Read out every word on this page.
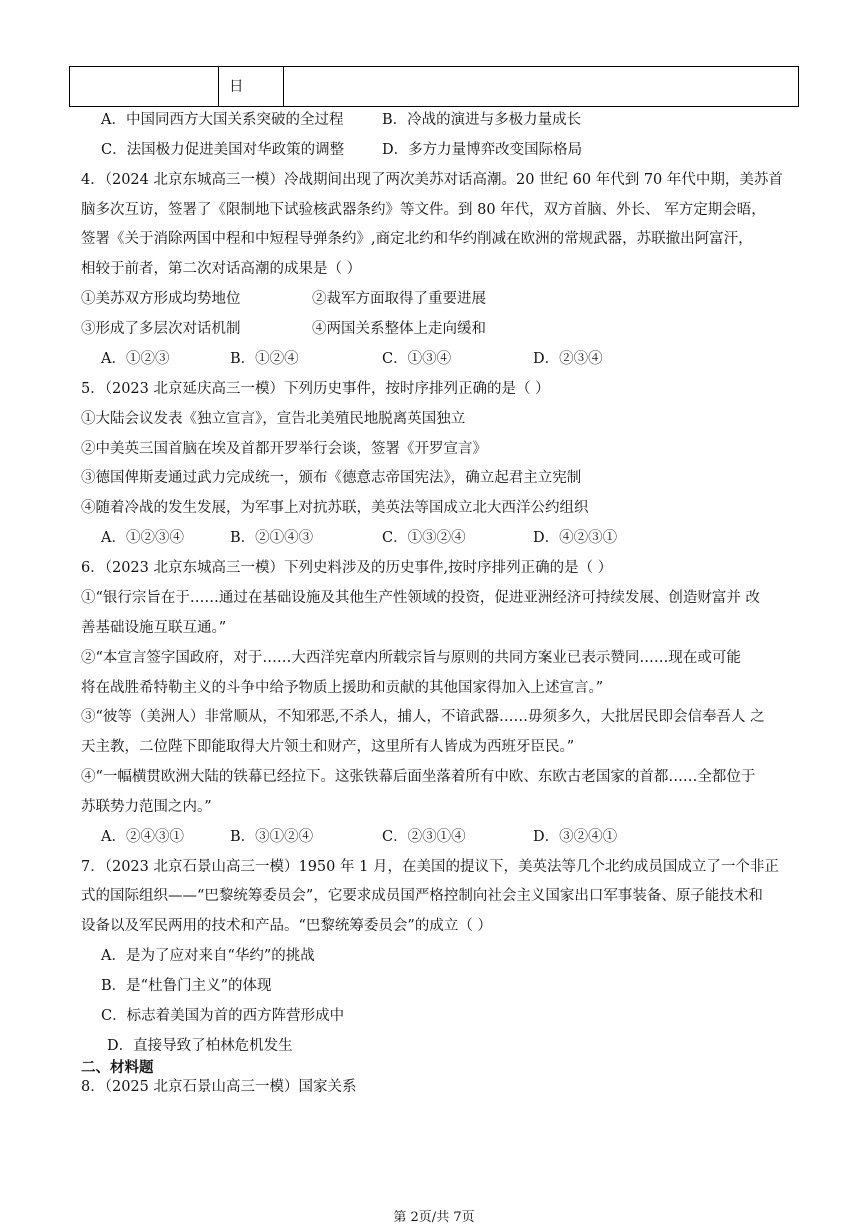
日
A．中国同西方大国关系突破的全过程	B．冷战的演进与多极力量成长
C．法国极力促进美国对华政策的调整	D．多方力量博弈改变国际格局
4．（2024 北京东城高三一模）冷战期间出现了两次美苏对话高潮。20 世纪 60 年代到 70 年代中期，美苏首
脑多次互访，签署了《限制地下试验核武器条约》等文件。到 80 年代，双方首脑、外长、 军方定期会晤，
签署《关于消除两国中程和中短程导弹条约》,商定北约和华约削减在欧洲的常规武器，苏联撤出阿富汗，
相较于前者，第二次对话高潮的成果是（ ）
①美苏双方形成均势地位	②裁军方面取得了重要进展
③形成了多层次对话机制	④两国关系整体上走向缓和
A．①②③	B．①②④	C．①③④	D．②③④
5．（2023 北京延庆高三一模）下列历史事件，按时序排列正确的是（ ）
①大陆会议发表《独立宣言》，宣告北美殖民地脱离英国独立
②中美英三国首脑在埃及首都开罗举行会谈，签署《开罗宣言》
③德国俾斯麦通过武力完成统一，颁布《德意志帝国宪法》，确立起君主立宪制
④随着冷战的发生发展，为军事上对抗苏联，美英法等国成立北大西洋公约组织
A．①②③④	B．②①④③	C．①③②④	D．④②③①
6．（2023 北京东城高三一模）下列史料涉及的历史事件,按时序排列正确的是（ ）
①“银行宗旨在于……通过在基础设施及其他生产性领域的投资，促进亚洲经济可持续发展、创造财富并 改
善基础设施互联互通。”
②“本宣言签字国政府，对于……大西洋宪章内所载宗旨与原则的共同方案业已表示赞同……现在或可能
将在战胜希特勒主义的斗争中给予物质上援助和贡献的其他国家得加入上述宣言。”
③“彼等（美洲人）非常顺从，不知邪恶,不杀人，捕人，不谙武器……毋须多久，大批居民即会信奉吾人 之
天主教，二位陛下即能取得大片领土和财产，这里所有人皆成为西班牙臣民。”
④“一幅横贯欧洲大陆的铁幕已经拉下。这张铁幕后面坐落着所有中欧、东欧古老国家的首都……全都位于
苏联势力范围之内。”
A．②④③①	B．③①②④	C．②③①④	D．③②④①
7．（2023 北京石景山高三一模）1950 年 1 月，在美国的提议下，美英法等几个北约成员国成立了一个非正
式的国际组织——“巴黎统筹委员会”，它要求成员国严格控制向社会主义国家出口军事装备、原子能技术和
设备以及军民两用的技术和产品。“巴黎统筹委员会”的成立（ ）
A．是为了应对来自“华约”的挑战
B．是“杜鲁门主义”的体现
C．标志着美国为首的西方阵营形成中
D．直接导致了柏林危机发生
二、材料题
8．（2025 北京石景山高三一模）国家关系
第 2页/共 7页
